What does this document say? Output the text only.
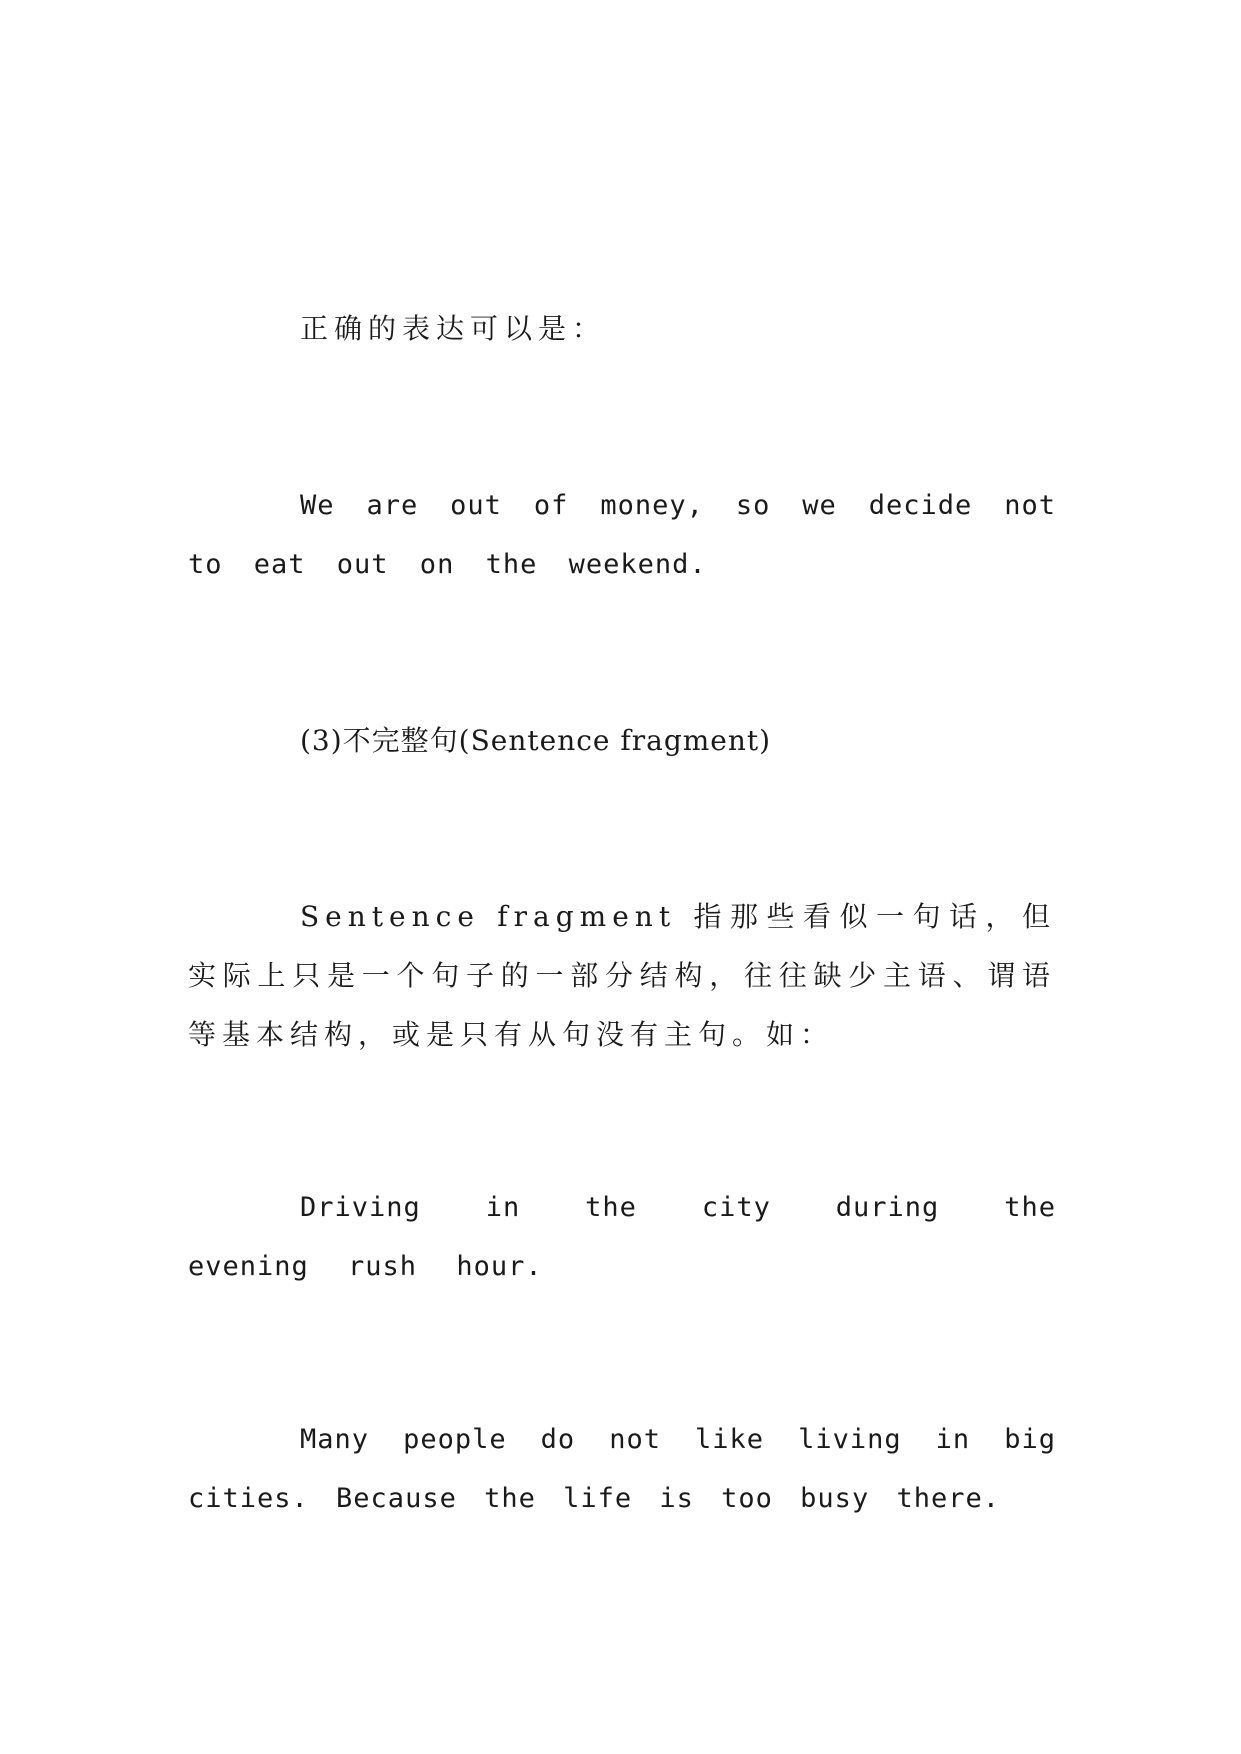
正确的表达可以是：

We are out of money, so we decide not to eat out on the weekend.

(3)不完整句(Sentence fragment)

Sentence fragment 指那些看似一句话，但实际上只是一个句子的一部分结构，往往缺少主语、谓语等基本结构，或是只有从句没有主句。如：

Driving in the city during the evening rush hour.

Many people do not like living in big cities. Because the life is too busy there.
